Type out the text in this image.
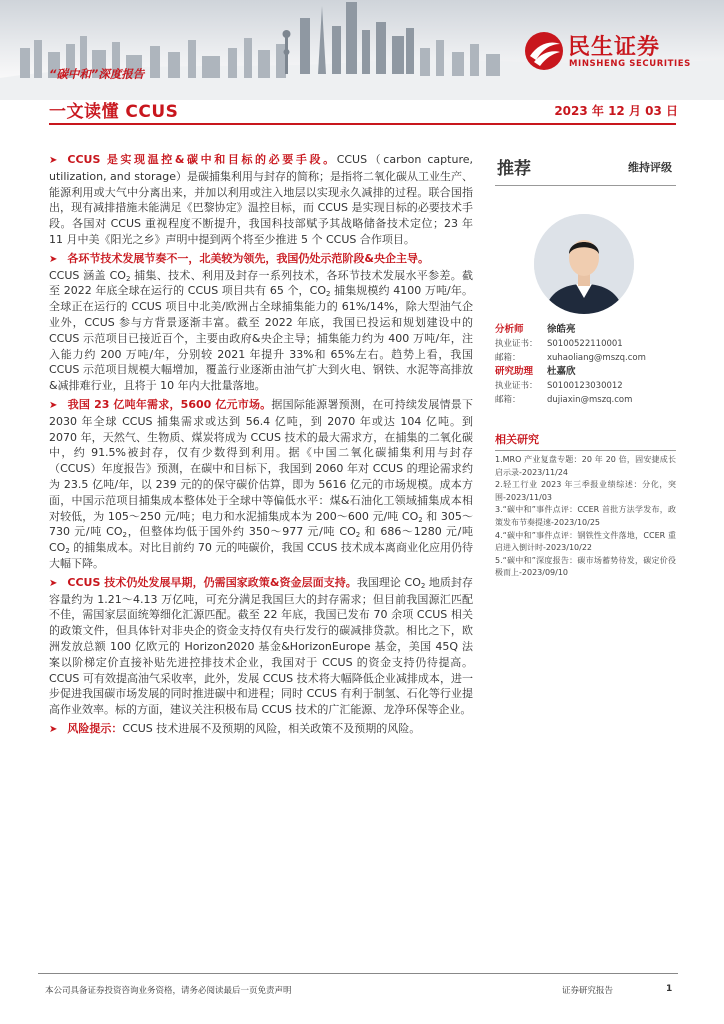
民生证券
MINSHENG SECURITIES
“碳中和”深度报告
一文读懂 CCUS	2023 年 12 月 03 日
➤ CCUS 是实现温控&碳中和目标的必要手段。CCUS（carbon capture, utilization, and storage）是碳捕集利用与封存的简称；是指将二氧化碳从工业生产、能源利用或大气中分离出来，并加以利用或注入地层以实现永久减排的过程。联合国指出，现有减排措施未能满足《巴黎协定》温控目标，而 CCUS 是实现目标的必要技术手段。各国对 CCUS 重视程度不断提升，我国科技部赋予其战略储备技术定位；23 年 11 月中美《阳光之乡》声明中提到两个将至少推进 5 个 CCUS 合作项目。
➤ 各环节技术发展节奏不一，北美较为领先，我国仍处示范阶段&央企主导。
CCUS 涵盖 $CO_2$ 捕集、技术、利用及封存一系列技术，各环节技术发展水平参差。截至 2022 年底全球在运行的 CCUS 项目共有 65 个，$CO_2$ 捕集规模约 4100 万吨/年。全球正在运行的 CCUS 项目中北美/欧洲占全球捕集能力的 61%/14%，除大型油气企业外，CCUS 参与方背景逐渐丰富。截至 2022 年底，我国已投运和规划建设中的 CCUS 示范项目已接近百个，主要由政府&央企主导；捕集能力约为 400 万吨/年，注入能力约 200 万吨/年，分别较 2021 年提升 33%和 65%左右。趋势上看，我国 CCUS 示范项目规模大幅增加，覆盖行业逐渐由油气扩大到火电、钢铁、水泥等高排放&减排难行业，且将于 10 年内大批量落地。
➤ 我国 23 亿吨年需求，5600 亿元市场。据国际能源署预测，在可持续发展情景下 2030 年全球 CCUS 捕集需求或达到 56.4 亿吨，到 2070 年或达 104 亿吨。到 2070 年，天然气、生物质、煤炭将成为 CCUS 技术的最大需求方，在捕集的二氧化碳中，约 91.5%被封存，仅有少数得到利用。据《中国二氧化碳捕集利用与封存（CCUS）年度报告》预测，在碳中和目标下，我国到 2060 年对 CCUS 的理论需求约为 23.5 亿吨/年，以 239 元的的保守碳价估算，即为 5616 亿元的市场规模。成本方面，中国示范项目捕集成本整体处于全球中等偏低水平：煤&石油化工领域捕集成本相对较低，为 105～250 元/吨；电力和水泥捕集成本为 200～600 元/吨 $CO_2$ 和 305～730 元/吨 $CO_2$，但整体均低于国外约 350～977 元/吨 $CO_2$ 和 686～1280 元/吨 $CO_2$ 的捕集成本。对比目前约 70 元的吨碳价，我国 CCUS 技术成本离商业化应用仍待大幅下降。
➤ CCUS 技术仍处发展早期，仍需国家政策&资金层面支持。我国理论 $CO_2$ 地质封存容量约为 1.21～4.13 万亿吨，可充分满足我国巨大的封存需求；但目前我国源汇匹配不佳，需国家层面统筹细化汇源匹配。截至 22 年底，我国已发布 70 余项 CCUS 相关的政策文件，但具体针对非央企的资金支持仅有央行发行的碳减排贷款。相比之下，欧洲发放总额 100 亿欧元的 Horizon2020 基金&HorizonEurope 基金，美国 45Q 法案以阶梯定价直接补贴先进控排技术企业，我国对于 CCUS 的资金支持仍待提高。CCUS 可有效提高油气采收率，此外，发展 CCUS 技术将大幅降低企业减排成本，进一步促进我国碳市场发展的同时推进碳中和进程；同时 CCUS 有利于制氢、石化等行业提高作业效率。标的方面，建议关注积极布局 CCUS 技术的广汇能源、龙净环保等企业。
➤ 风险提示：CCUS 技术进展不及预期的风险，相关政策不及预期的风险。
推荐	维持评级
分析师 徐皓亮
执业证书： S0100522110001
邮箱：	xuhaoliang@mszq.com
研究助理 杜嘉欣
执业证书： S0100123030012
邮箱：	dujiaxin@mszq.com
相关研究
1.MRO 产业复盘专题：20 年 20 倍，固安捷成长启示录-2023/11/24
2.轻工行业 2023 年三季报业绩综述：分化，突围-2023/11/03
3.“碳中和”事件点评：CCER 首批方法学发布，政策发布节奏提速-2023/10/25
4.“碳中和”事件点评：钢铁性文件落地，CCER 重启进入倒计时-2023/10/22
5.“碳中和”深度报告：碳市场蓄势待发，碳定价役极而上-2023/09/10
本公司具备证券投资咨询业务资格，请务必阅读最后一页免责声明	证券研究报告	1
